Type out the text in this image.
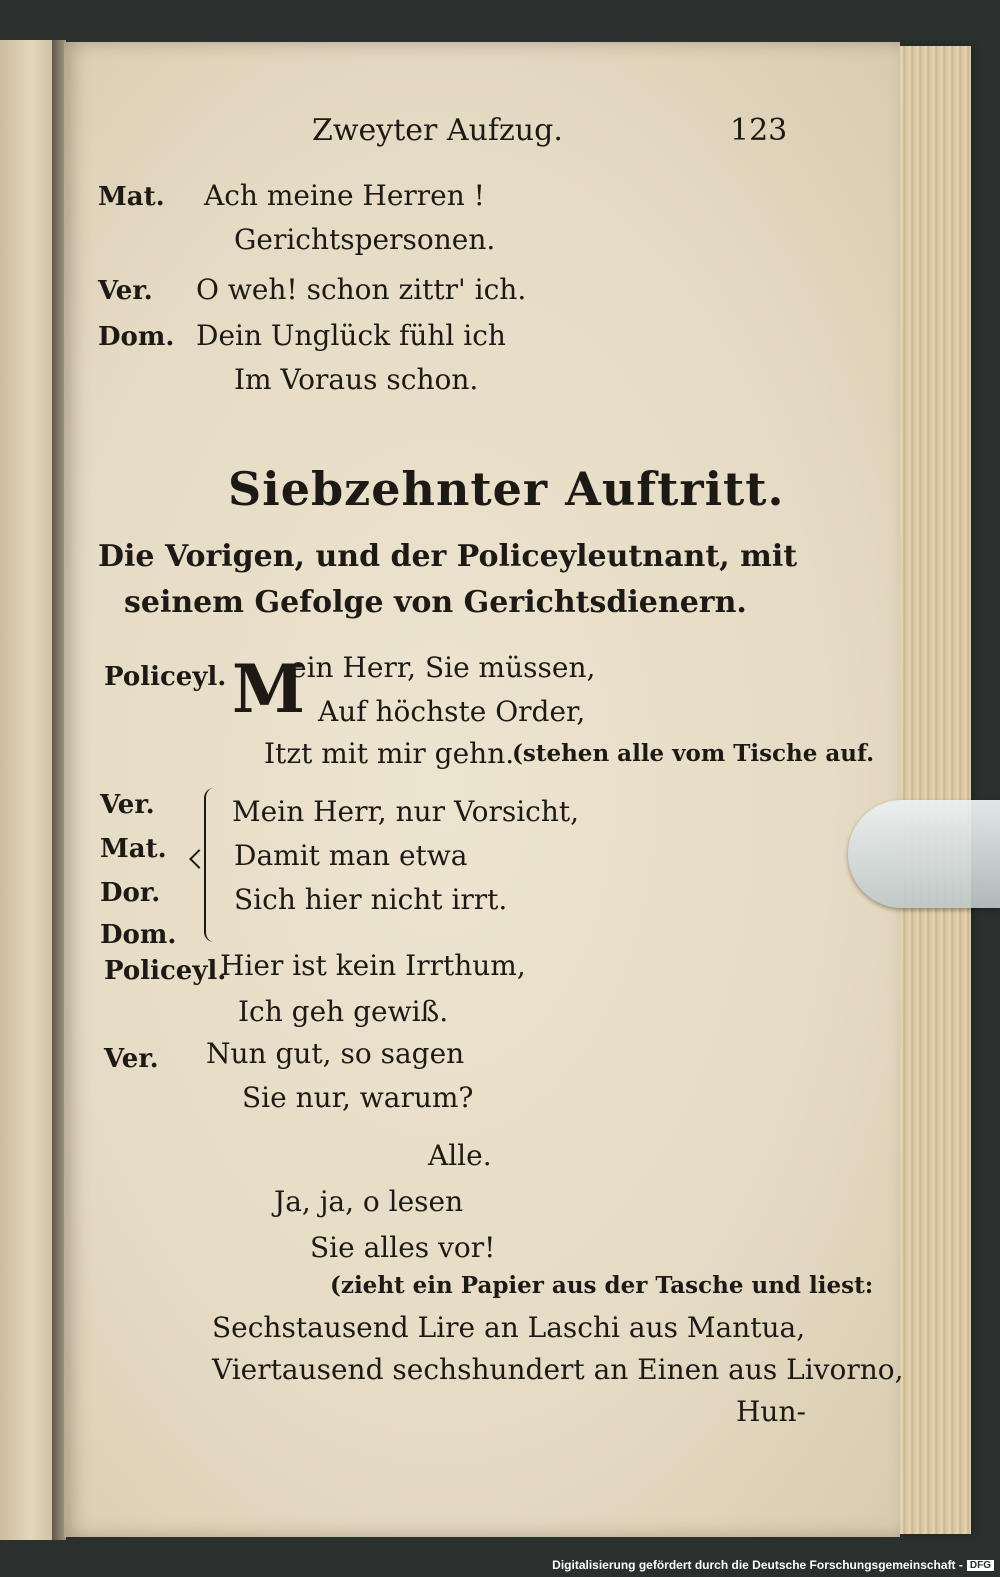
Zweyter Aufzug.	123
Mat. Ach meine Herren !
Gerichtspersonen.
Ver. O weh! schon zittr' ich.
Dom. Dein Unglück fühl ich
Im Voraus schon.
Siebzehnter Auftritt.
Die Vorigen, und der Policeyleutnant, mit
seinem Gefolge von Gerichtsdienern.
Policeyl. M
ein Herr, Sie müssen,
Auf höchste Order,
Itzt mit mir gehn.
(stehen alle vom Tische auf.
Ver.
Mat.
Dor.
Dom.
Mein Herr, nur Vorsicht,
Damit man etwa
Sich hier nicht irrt.
Policeyl.
Hier ist kein Irrthum,
Ich geh gewiß.
Ver. Nun gut, so sagen
Sie nur, warum?
Alle.
Ja, ja, o lesen
Sie alles vor!
(zieht ein Papier aus der Tasche und liest:
Sechstausend Lire an Laschi aus Mantua,
Viertausend sechshundert an Einen aus Livorno,
Hun-
Digitalisierung gefördert durch die Deutsche Forschungsgemeinschaft - DFG
